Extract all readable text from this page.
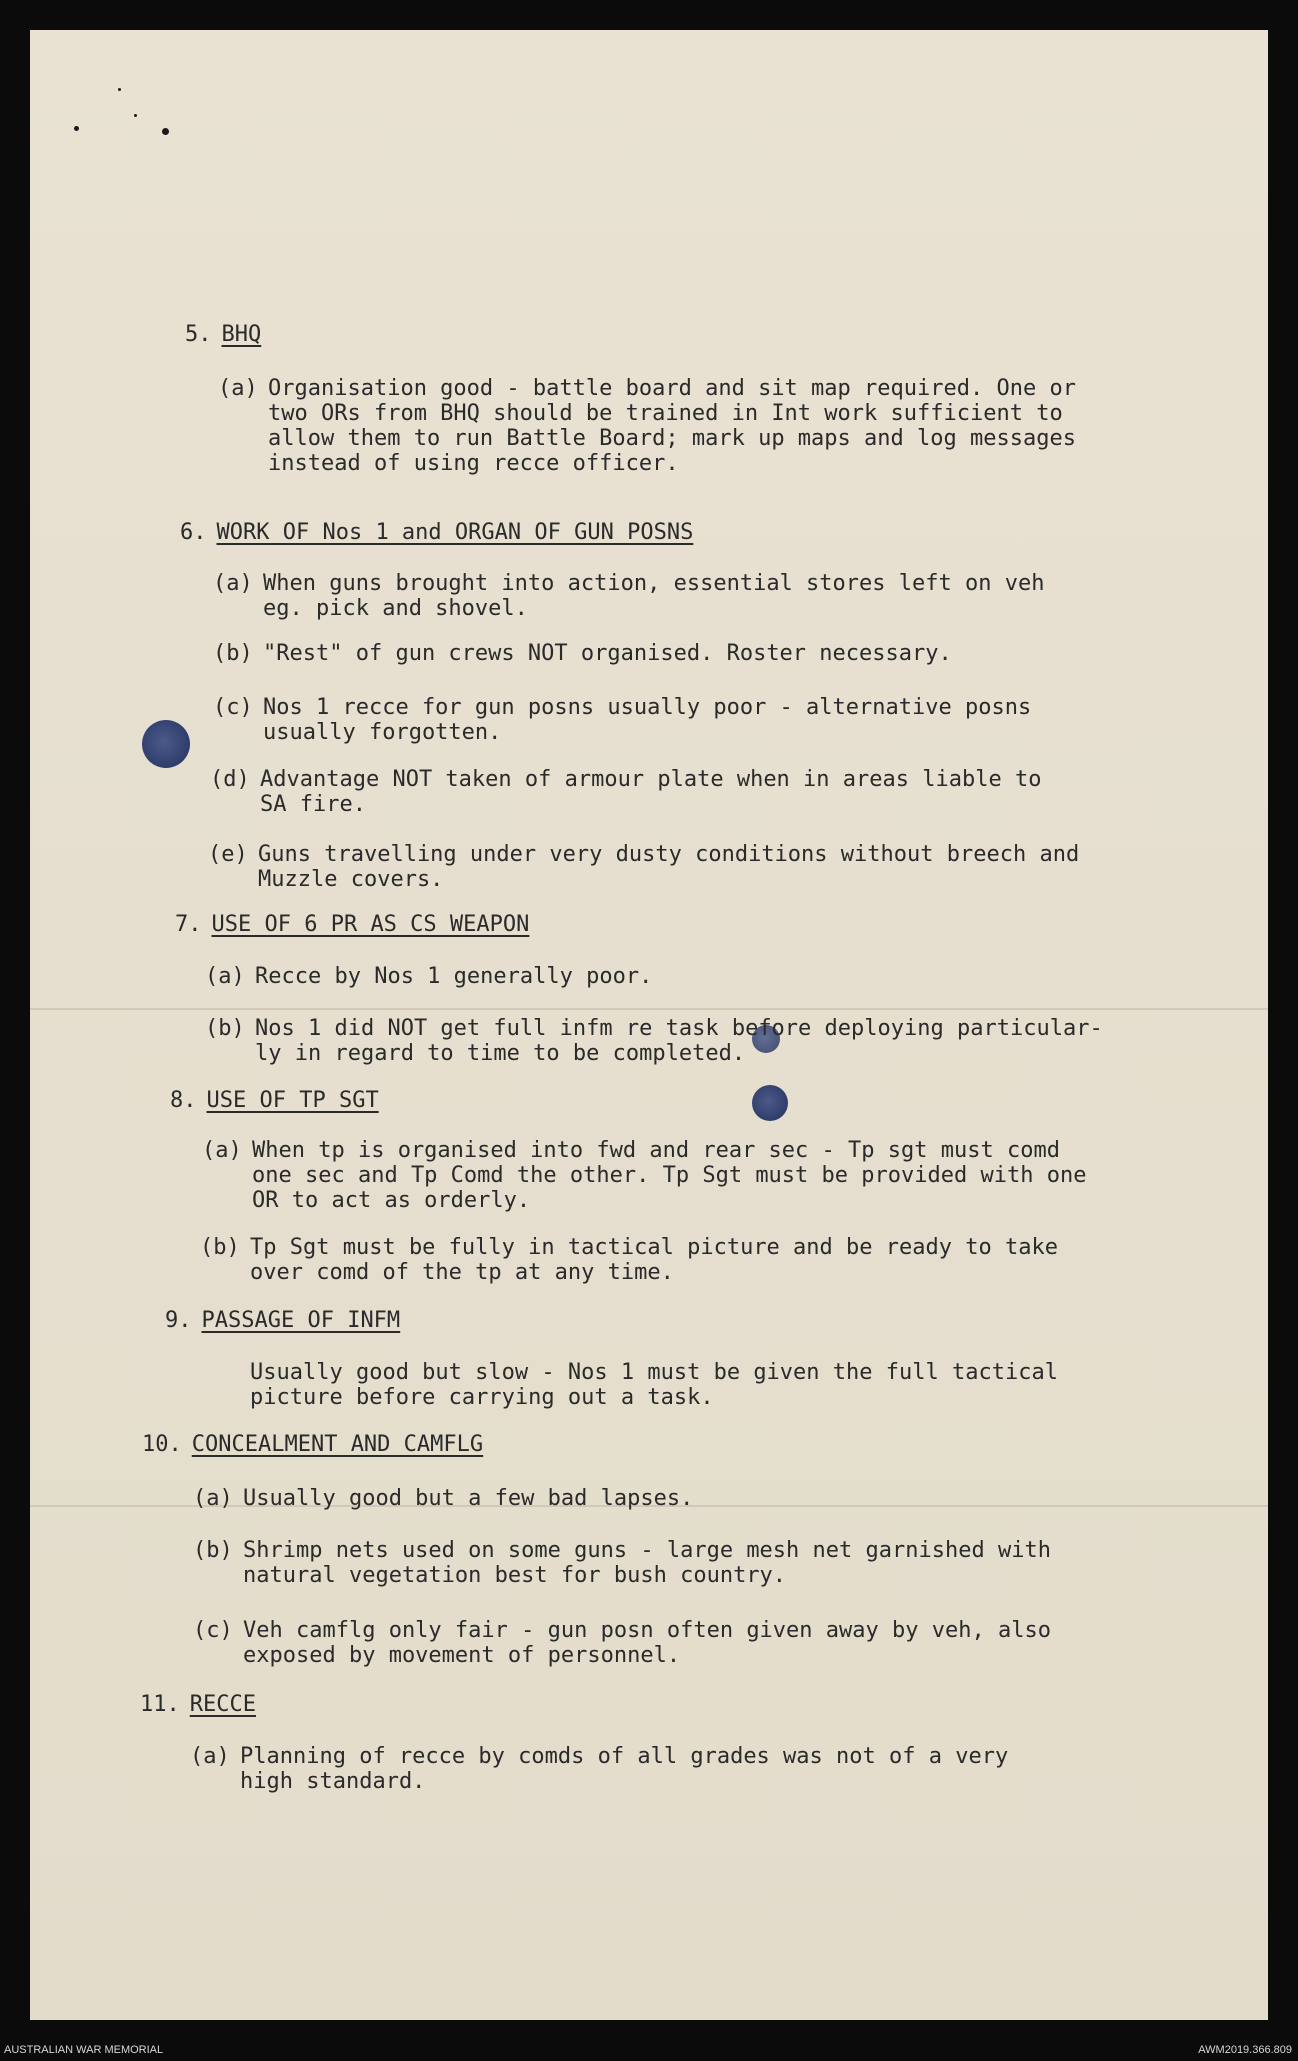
5. BHQ
(a) Organisation good - battle board and sit map required. One or
two ORs from BHQ should be trained in Int work sufficient to
allow them to run Battle Board; mark up maps and log messages
instead of using recce officer.
6. WORK OF Nos 1 and ORGAN OF GUN POSNS
(a) When guns brought into action, essential stores left on veh
eg. pick and shovel.
(b) "Rest" of gun crews NOT organised. Roster necessary.
(c) Nos 1 recce for gun posns usually poor - alternative posns
usually forgotten.
(d) Advantage NOT taken of armour plate when in areas liable to
SA fire.
(e) Guns travelling under very dusty conditions without breech and
Muzzle covers.
7. USE OF 6 PR AS CS WEAPON
(a) Recce by Nos 1 generally poor.
(b) Nos 1 did NOT get full infm re task before deploying particular-
ly in regard to time to be completed.
8. USE OF TP SGT
(a) When tp is organised into fwd and rear sec - Tp sgt must comd
one sec and Tp Comd the other. Tp Sgt must be provided with one
OR to act as orderly.
(b) Tp Sgt must be fully in tactical picture and be ready to take
over comd of the tp at any time.
9. PASSAGE OF INFM
Usually good but slow - Nos 1 must be given the full tactical
picture before carrying out a task.
10. CONCEALMENT AND CAMFLG
(a) Usually good but a few bad lapses.
(b) Shrimp nets used on some guns - large mesh net garnished with
natural vegetation best for bush country.
(c) Veh camflg only fair - gun posn often given away by veh, also
exposed by movement of personnel.
11. RECCE
(a) Planning of recce by comds of all grades was not of a very
high standard.
AUSTRALIAN WAR MEMORIAL	AWM2019.366.809
